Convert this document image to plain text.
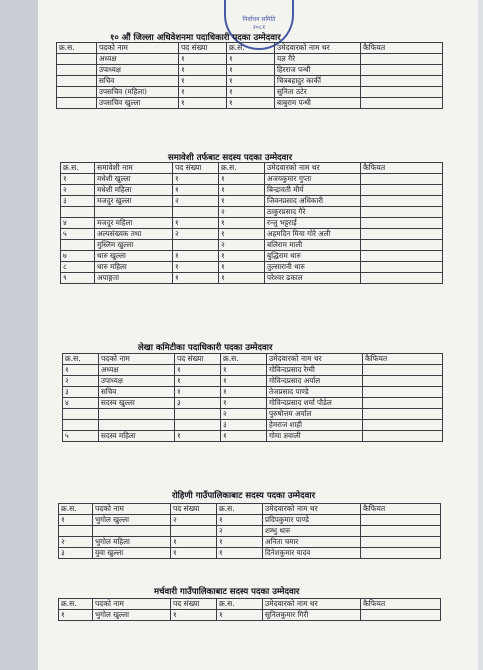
निर्वाचन समिति
२०८१
१० औं जिल्ला अधिवेशनमा पदाधिकारी पदका उम्मेदवार
क्र.स.	पदको नाम	पद संख्या	क्र.स.	उमेदवारको नाम थर	कैफियत
	अध्यक्ष	१	१	यज्ञ गैरे	
	उपाध्यक्ष	१	१	हिरराज पन्थी	
	सचिव	१	१	चित्रबहादुर कार्की	
	उपसचिव (महिला)	१	१	सुनिता ठटेर	
	उपसचिव खुल्ला	१	१	बाबुराम पन्थी	
समावेशी तर्फबाट सदस्य पदका उम्मेदवार
क्र.स.	समावेशी नाम	पद संख्या	क्र.स.	उमेदवारको नाम थर	कैफियत
१	मधेशी खुल्ला	१	१	अजयकुमार गुप्ता	
२	मधेशी महिला	१	१	बिन्द्रावती मौर्य	
३	मजदुर खुल्ला	२	१	जिवनप्रसाद अधिकारी	
			२	ठाकुरप्रसाद गैरे	
४	मजदुर महिला	१	१	रन्जु भट्टराई	
५	अल्पसंख्यक तथा	२	१	अहमदिन मिया गोरे अली	
	मुस्लिम खुल्ला		२	बलिराम माली	
७	थारु खुल्ला	१	१	बुद्धिराम थारु	
८	थारु महिला	१	१	तुल्सारानी थारु	
९	अपाङ्गता	१	१	परेश्वर ढकाल	
लेखा कमिटीका पदाधिकारी पदका उम्मेदवार
क्र.स.	पदको नाम	पद संख्या	क्र.स.	उमेदवारको नाम थर	कैफियत
१	अध्यक्ष	१	१	गोविन्दप्रसाद रेग्मी	
२	उपाध्यक्ष	१	१	गोविन्दप्रसाद अर्याल	
३	सचिव	१	१	तेजप्रसाद पाण्डे	
४	सदस्य खुल्ला	३	१	गोविन्दप्रसाद शर्मा पौडेल	
			२	पुरुषोत्तम अर्याल	
			३	हेमराज शाही	
५	सदस्य महिला	१	१	गोमा ज्ञवाली	
रोहिणी गाउँपालिकाबाट सदस्य पदका उम्मेदवार
क्र.स.	पदको नाम	पद संख्या	क्र.स.	उमेदवारको नाम थर	कैफियत
१	भुगोल खुल्ला	२	१	प्रदिपकुमार पाण्डे	
			२	शम्भु थारु	
२	भुगोल महिला	१	१	अनिता चमार	
३	युवा खुल्ला	१	१	दिनेशकुमार यादव	
मर्चवारी गाउँपालिकाबाट सदस्य पदका उम्मेदवार
क्र.स.	पदको नाम	पद संख्या	क्र.स.	उमेदवारको नाम थर	कैफियत
१	भुगोल खुल्ला	१	१	सुनिलकुमार गिरी	
